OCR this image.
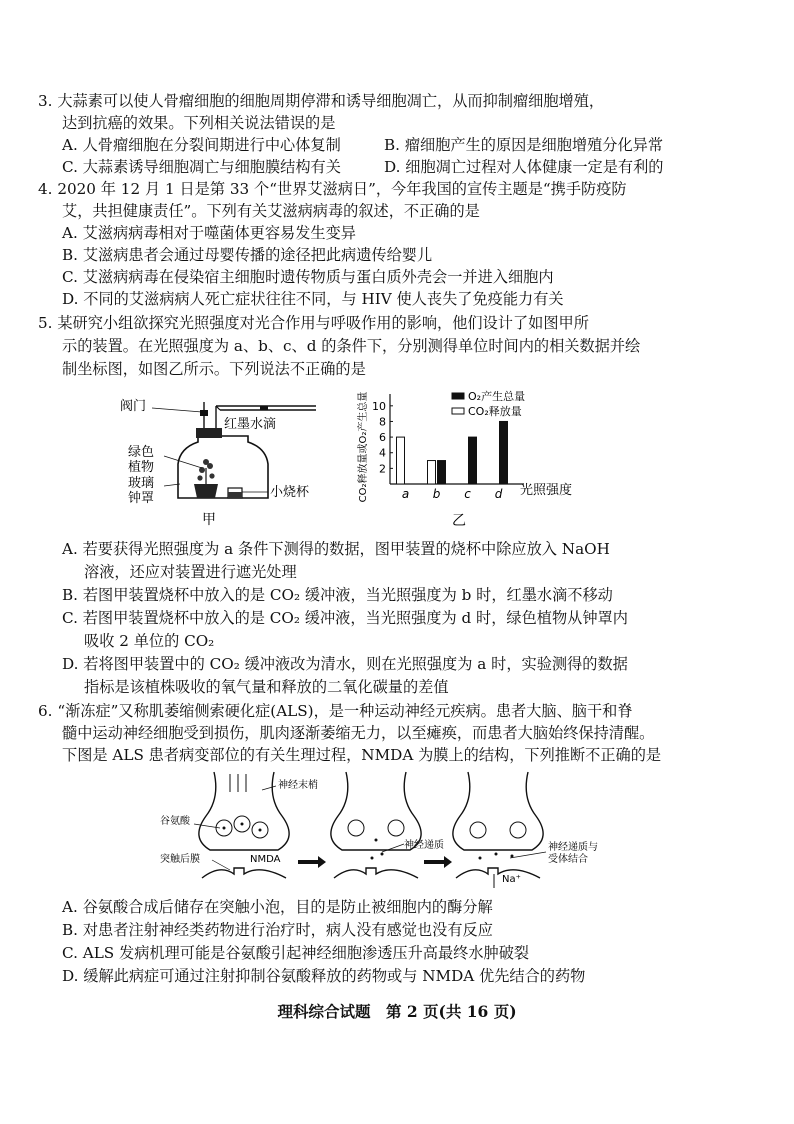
3. 大蒜素可以使人骨瘤细胞的细胞周期停滞和诱导细胞凋亡，从而抑制瘤细胞增殖，
达到抗癌的效果。下列相关说法错误的是
A. 人骨瘤细胞在分裂间期进行中心体复制	B. 瘤细胞产生的原因是细胞增殖分化异常
C. 大蒜素诱导细胞凋亡与细胞膜结构有关	D. 细胞凋亡过程对人体健康一定是有利的
4. 2020 年 12 月 1 日是第 33 个“世界艾滋病日”，今年我国的宣传主题是“携手防疫防
艾，共担健康责任”。下列有关艾滋病病毒的叙述，不正确的是
A. 艾滋病病毒相对于噬菌体更容易发生变异
B. 艾滋病患者会通过母婴传播的途径把此病遗传给婴儿
C. 艾滋病病毒在侵染宿主细胞时遗传物质与蛋白质外壳会一并进入细胞内
D. 不同的艾滋病病人死亡症状往往不同，与 HIV 使人丧失了免疫能力有关
5. 某研究小组欲探究光照强度对光合作用与呼吸作用的影响，他们设计了如图甲所
示的装置。在光照强度为 a、b、c、d 的条件下，分别测得单位时间内的相关数据并绘
制坐标图，如图乙所示。下列说法不正确的是
阀门
红墨水滴
绿色
植物
玻璃
钟罩	小烧杯
甲
CO₂释放量或O₂产生总量 2
4
6
8
10
a b c d
O₂产生总量
CO₂释放量
光照强度
乙
A. 若要获得光照强度为 a 条件下测得的数据，图甲装置的烧杯中除应放入 NaOH
溶液，还应对装置进行遮光处理
B. 若图甲装置烧杯中放入的是 CO₂ 缓冲液，当光照强度为 b 时，红墨水滴不移动
C. 若图甲装置烧杯中放入的是 CO₂ 缓冲液，当光照强度为 d 时，绿色植物从钟罩内
吸收 2 单位的 CO₂
D. 若将图甲装置中的 CO₂ 缓冲液改为清水，则在光照强度为 a 时，实验测得的数据
指标是该植株吸收的氧气量和释放的二氧化碳量的差值
6. “渐冻症”又称肌萎缩侧索硬化症(ALS)，是一种运动神经元疾病。患者大脑、脑干和脊
髓中运动神经细胞受到损伤，肌肉逐渐萎缩无力，以至瘫痪，而患者大脑始终保持清醒。
下图是 ALS 患者病变部位的有关生理过程，NMDA 为膜上的结构，下列推断不正确的是
神经末梢
谷氨酸
突触后膜	NMDA
神经递质	神经递质与
受体结合
Na⁺
A. 谷氨酸合成后储存在突触小泡，目的是防止被细胞内的酶分解
B. 对患者注射神经类药物进行治疗时，病人没有感觉也没有反应
C. ALS 发病机理可能是谷氨酸引起神经细胞渗透压升高最终水肿破裂
D. 缓解此病症可通过注射抑制谷氨酸释放的药物或与 NMDA 优先结合的药物
理科综合试题　第 2 页(共 16 页)
